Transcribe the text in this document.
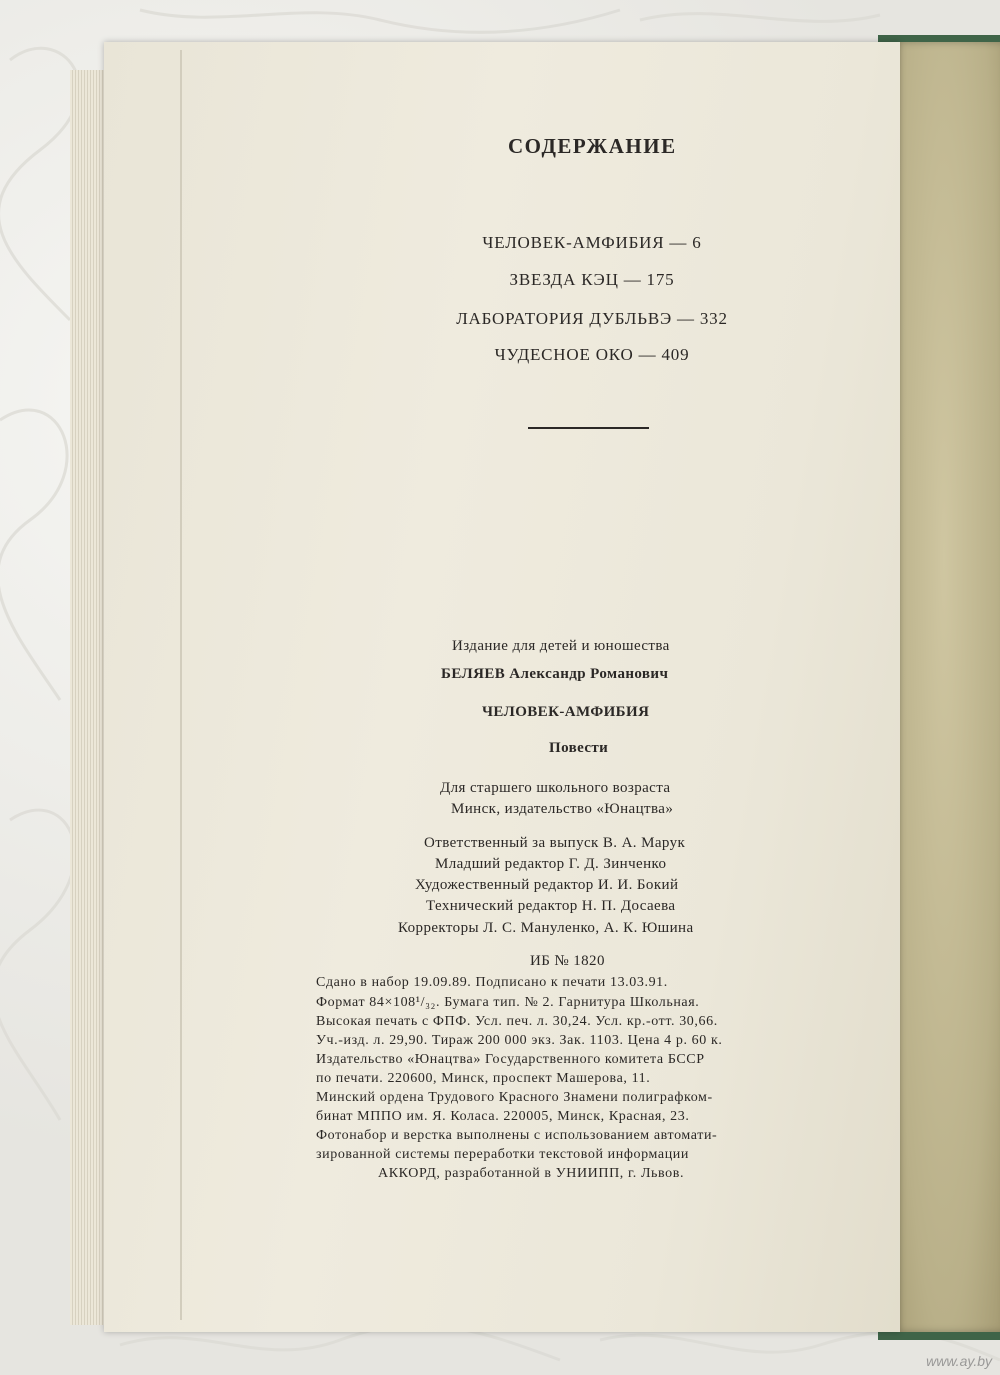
СОДЕРЖАНИЕ
ЧЕЛОВЕК-АМФИБИЯ — 6
ЗВЕЗДА КЭЦ — 175
ЛАБОРАТОРИЯ ДУБЛЬВЭ — 332
ЧУДЕСНОЕ ОКО — 409
Издание для детей и юношества
БЕЛЯЕВ Александр Романович
ЧЕЛОВЕК-АМФИБИЯ
Повести
Для старшего школьного возраста
Минск, издательство «Юнацтва»
Ответственный за выпуск В. А. Марук
Младший редактор Г. Д. Зинченко
Художественный редактор И. И. Бокий
Технический редактор Н. П. Досаева
Корректоры Л. С. Мануленко, А. К. Юшина
ИБ № 1820
Сдано в набор 19.09.89. Подписано к печати 13.03.91.
Формат 84×108¹/₃₂. Бумага тип. № 2. Гарнитура Школьная.
Высокая печать с ФПФ. Усл. печ. л. 30,24. Усл. кр.-отт. 30,66.
Уч.-изд. л. 29,90. Тираж 200 000 экз. Зак. 1103. Цена 4 р. 60 к.
Издательство «Юнацтва» Государственного комитета БССР
по печати. 220600, Минск, проспект Машерова, 11.
Минский ордена Трудового Красного Знамени полиграфком-
бинат МППО им. Я. Коласа. 220005, Минск, Красная, 23.
Фотонабор и верстка выполнены с использованием автомати-
зированной системы переработки текстовой информации
АККОРД, разработанной в УНИИПП, г. Львов.
www.ay.by
